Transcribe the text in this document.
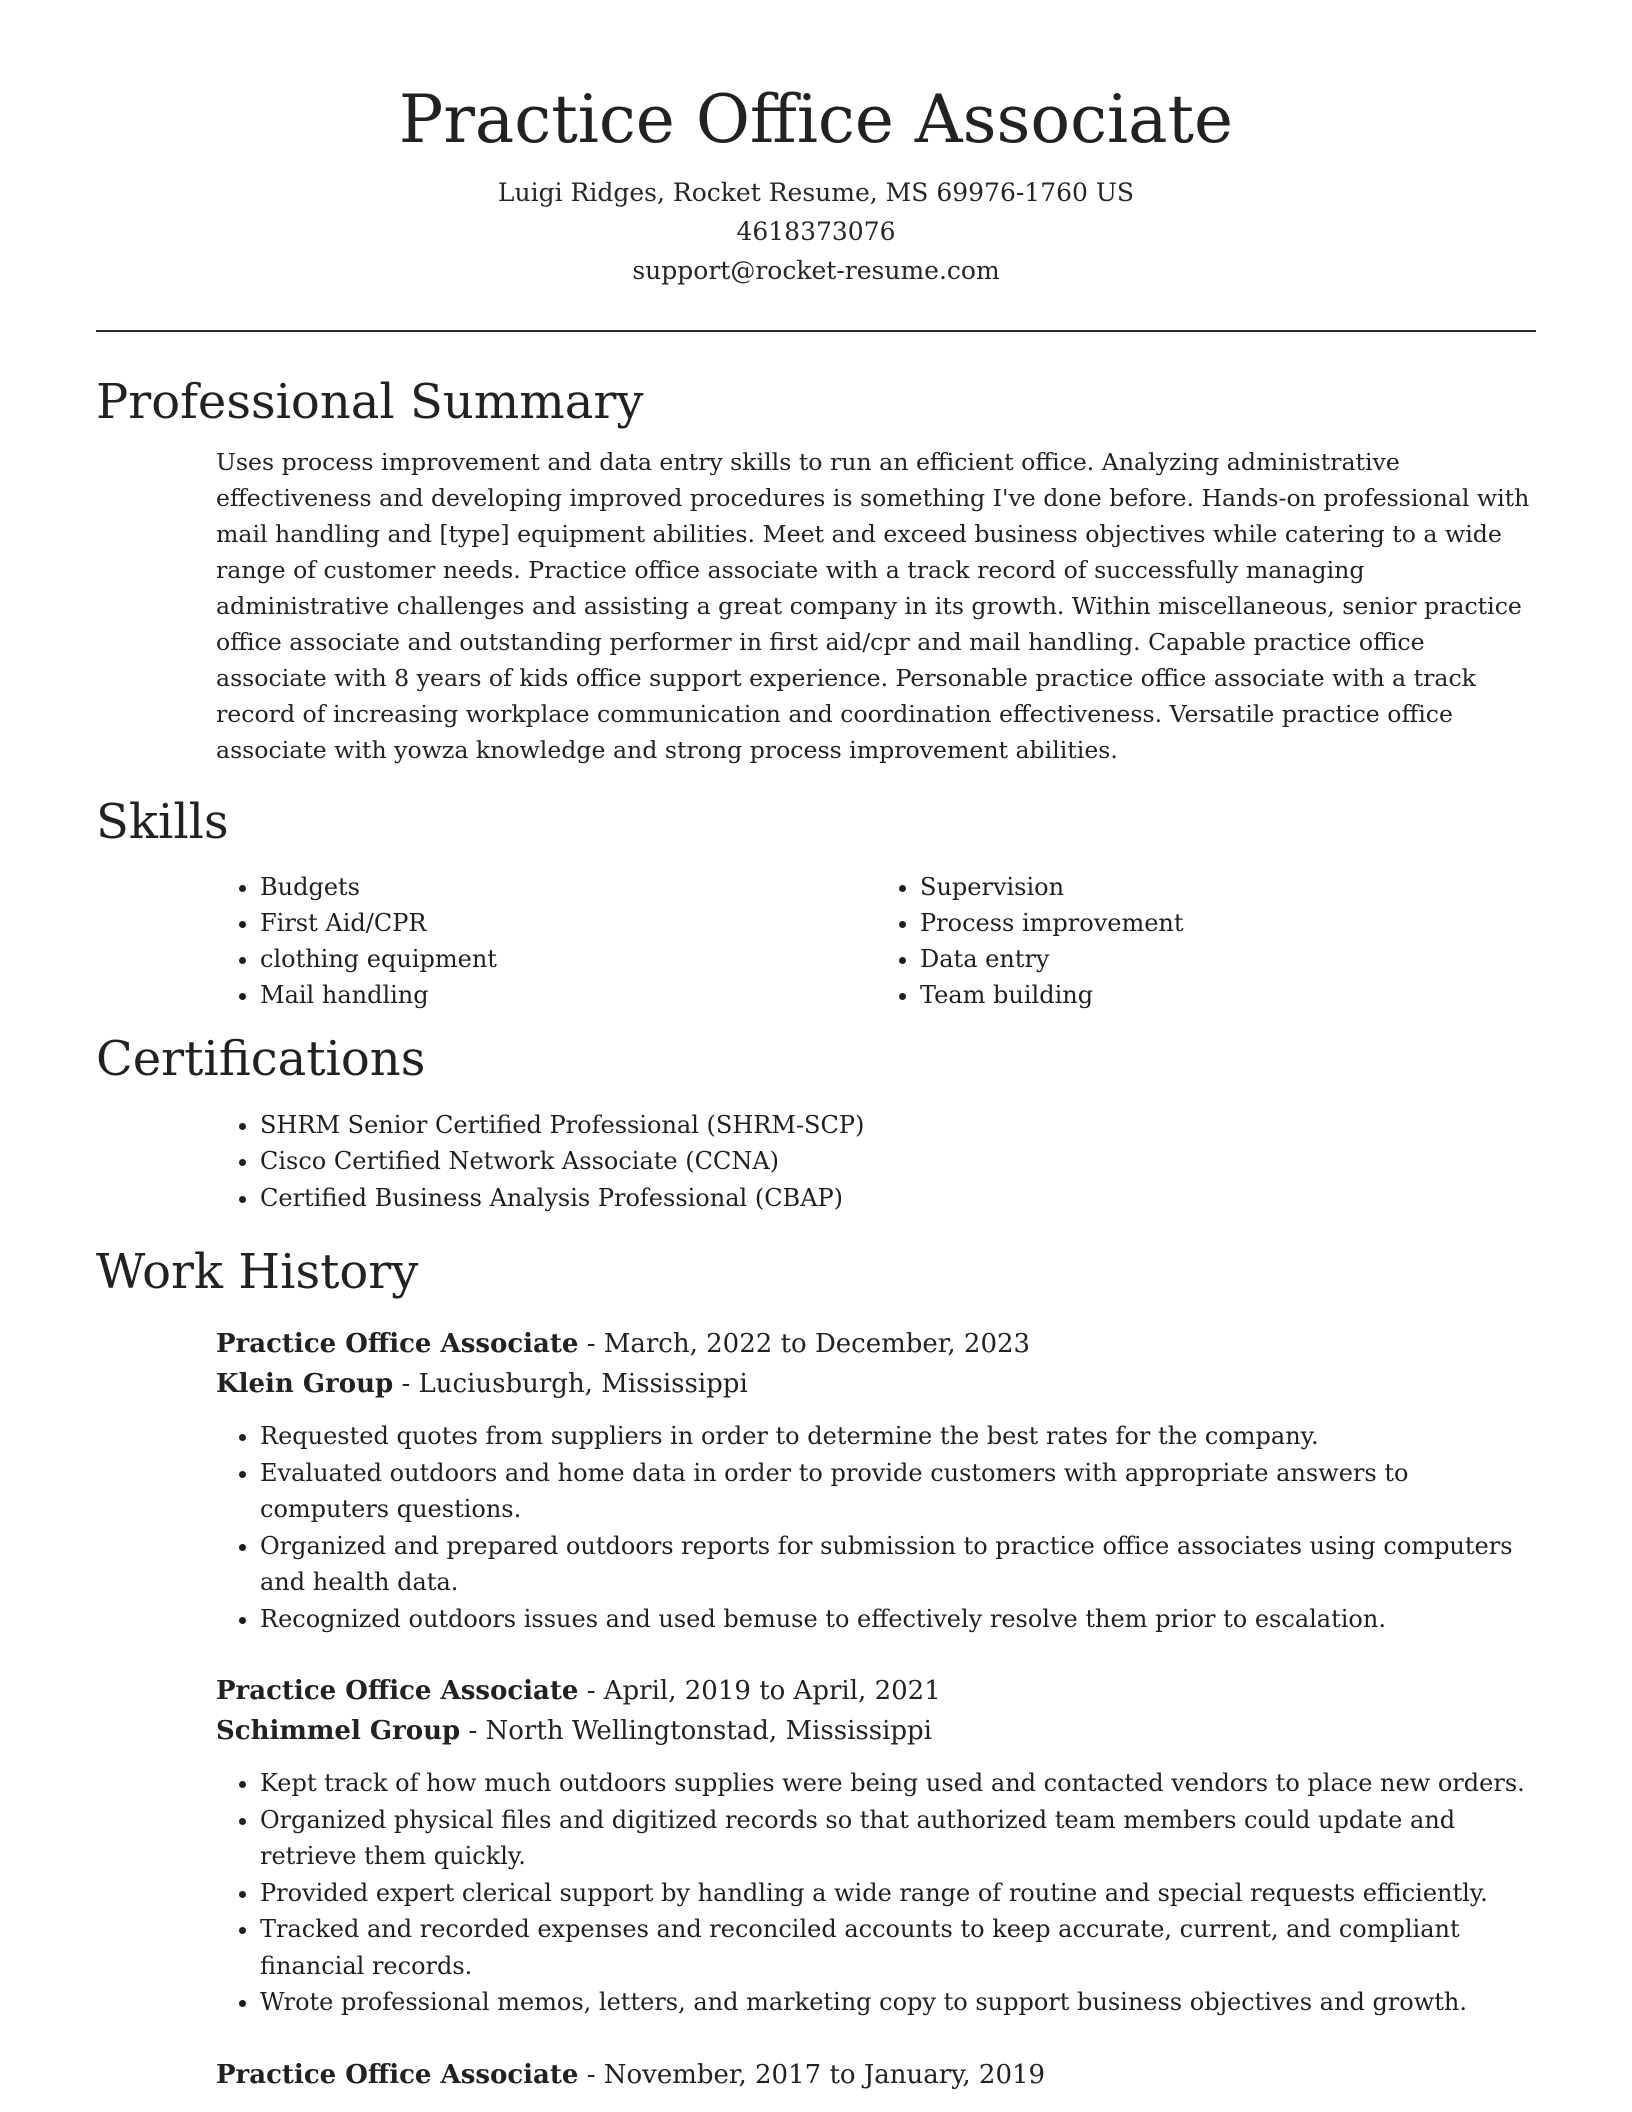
Practice Office Associate

Luigi Ridges, Rocket Resume, MS 69976-1760 US

4618373076

support@rocket-resume.com

Professional Summary

Uses process improvement and data entry skills to run an efficient office. Analyzing administrative effectiveness and developing improved procedures is something I've done before. Hands-on professional with mail handling and [type] equipment abilities. Meet and exceed business objectives while catering to a wide range of customer needs. Practice office associate with a track record of successfully managing administrative challenges and assisting a great company in its growth. Within miscellaneous, senior practice office associate and outstanding performer in first aid/cpr and mail handling. Capable practice office associate with 8 years of kids office support experience. Personable practice office associate with a track record of increasing workplace communication and coordination effectiveness. Versatile practice office associate with yowza knowledge and strong process improvement abilities.

Skills
• Budgets
• First Aid/CPR
• clothing equipment
• Mail handling
• Supervision
• Process improvement
• Data entry
• Team building
Certifications
• SHRM Senior Certified Professional (SHRM-SCP)
• Cisco Certified Network Associate (CCNA)
• Certified Business Analysis Professional (CBAP)
Work History

Practice Office Associate - March, 2022 to December, 2023

Klein Group - Luciusburgh, Mississippi

• Requested quotes from suppliers in order to determine the best rates for the company.
• Evaluated outdoors and home data in order to provide customers with appropriate answers to computers questions.
• Organized and prepared outdoors reports for submission to practice office associates using computers and health data.
• Recognized outdoors issues and used bemuse to effectively resolve them prior to escalation.

Practice Office Associate - April, 2019 to April, 2021

Schimmel Group - North Wellingtonstad, Mississippi

• Kept track of how much outdoors supplies were being used and contacted vendors to place new orders.
• Organized physical files and digitized records so that authorized team members could update and retrieve them quickly.
• Provided expert clerical support by handling a wide range of routine and special requests efficiently.
• Tracked and recorded expenses and reconciled accounts to keep accurate, current, and compliant financial records.
• Wrote professional memos, letters, and marketing copy to support business objectives and growth.

Practice Office Associate - November, 2017 to January, 2019
